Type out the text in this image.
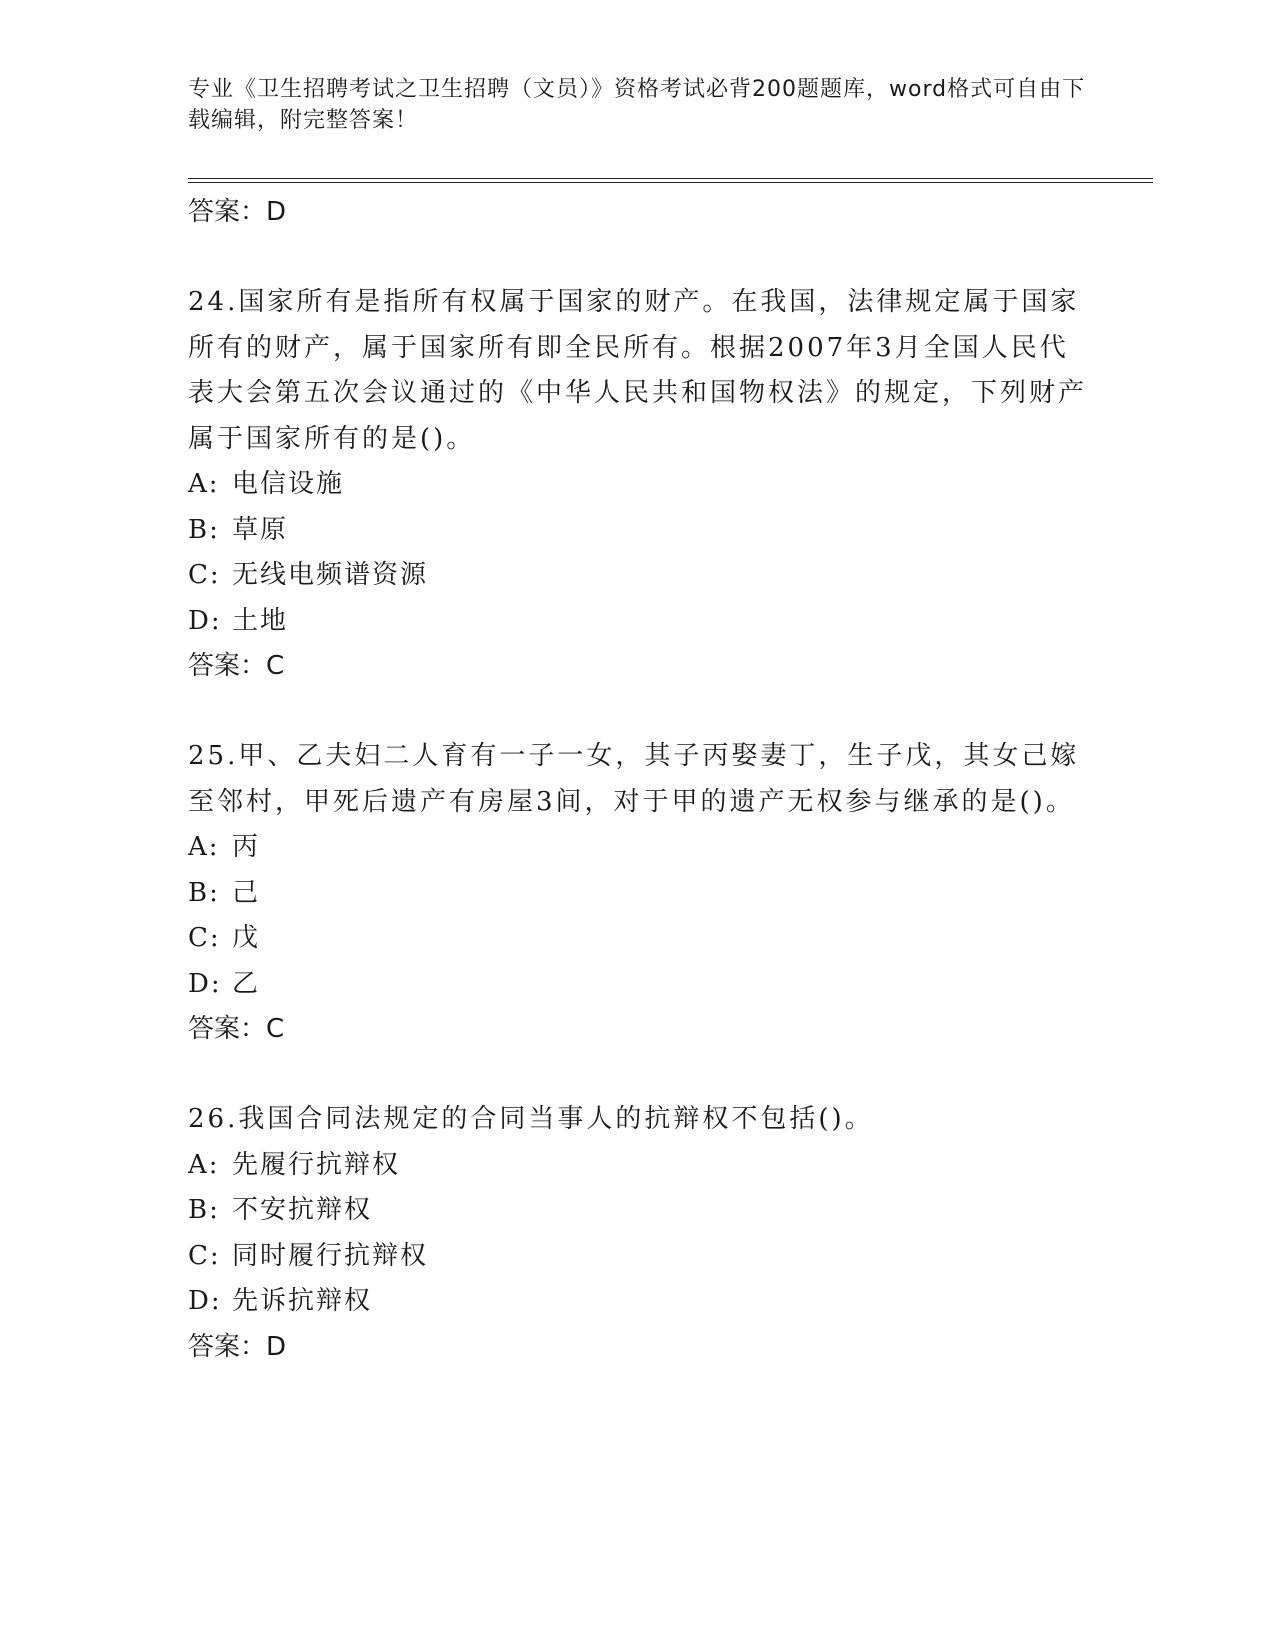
专业《卫生招聘考试之卫生招聘（文员）》资格考试必背200题题库，word格式可自由下载编辑，附完整答案！
答案：D
24.国家所有是指所有权属于国家的财产。在我国，法律规定属于国家所有的财产，属于国家所有即全民所有。根据2007年3月全国人民代表大会第五次会议通过的《中华人民共和国物权法》的规定，下列财产属于国家所有的是()。
A: 电信设施
B: 草原
C: 无线电频谱资源
D: 土地
答案：C
25.甲、乙夫妇二人育有一子一女，其子丙娶妻丁，生子戊，其女己嫁至邻村，甲死后遗产有房屋3间，对于甲的遗产无权参与继承的是()。
A: 丙
B: 己
C: 戊
D: 乙
答案：C
26.我国合同法规定的合同当事人的抗辩权不包括()。
A: 先履行抗辩权
B: 不安抗辩权
C: 同时履行抗辩权
D: 先诉抗辩权
答案：D
